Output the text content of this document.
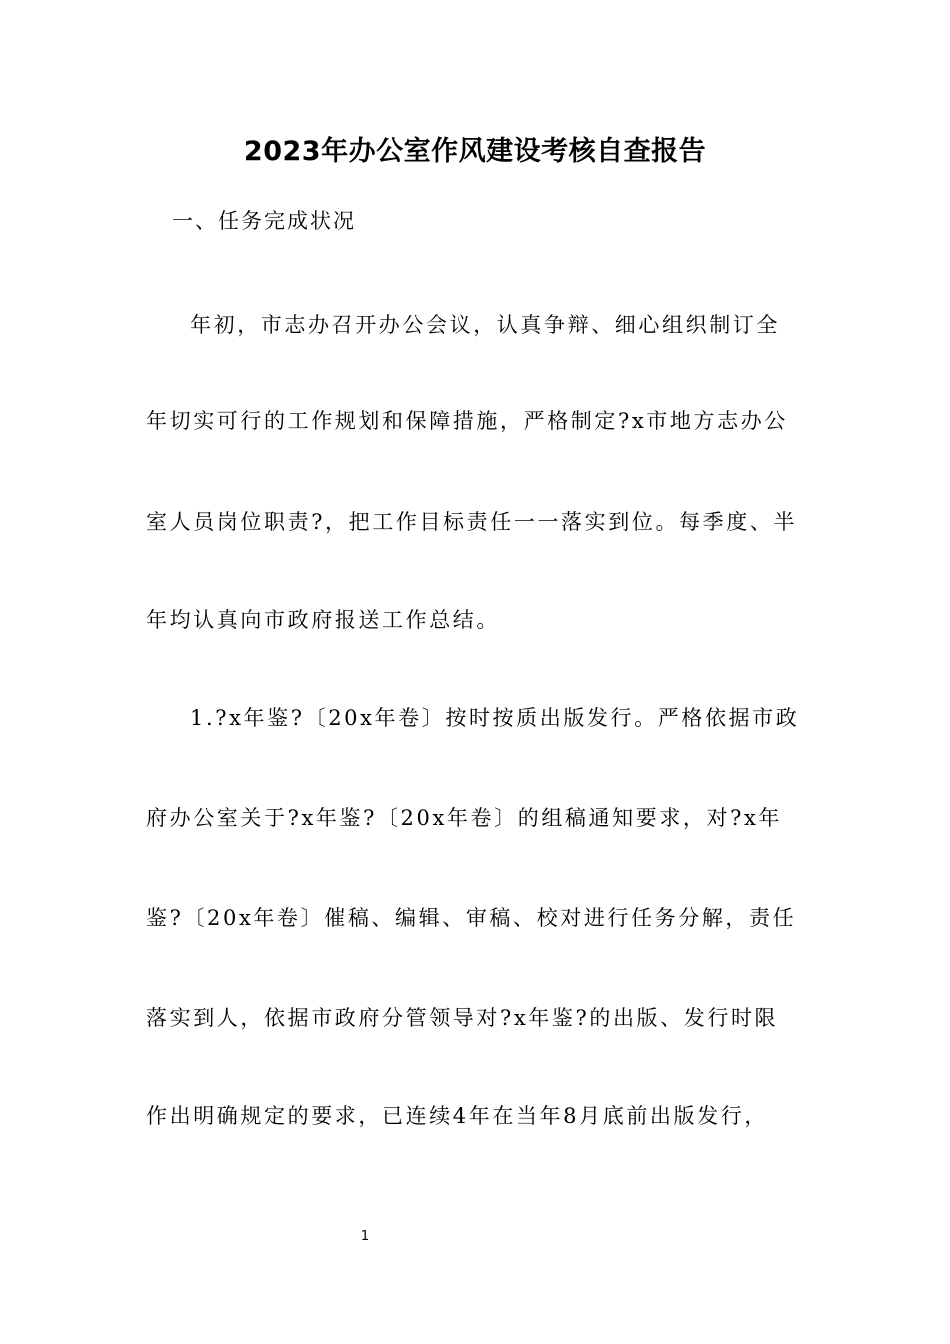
2023年办公室作风建设考核自查报告
一、任务完成状况
年初，市志办召开办公会议，认真争辩、细心组织制订全
年切实可行的工作规划和保障措施，严格制定?x市地方志办公
室人员岗位职责?，把工作目标责任一一落实到位。每季度、半
年均认真向市政府报送工作总结。
1.?x年鉴?〔20x年卷〕按时按质出版发行。严格依据市政
府办公室关于?x年鉴?〔20x年卷〕的组稿通知要求，对?x年
鉴?〔20x年卷〕催稿、编辑、审稿、校对进行任务分解，责任
落实到人，依据市政府分管领导对?x年鉴?的出版、发行时限
作出明确规定的要求，已连续4年在当年8月底前出版发行，
1
